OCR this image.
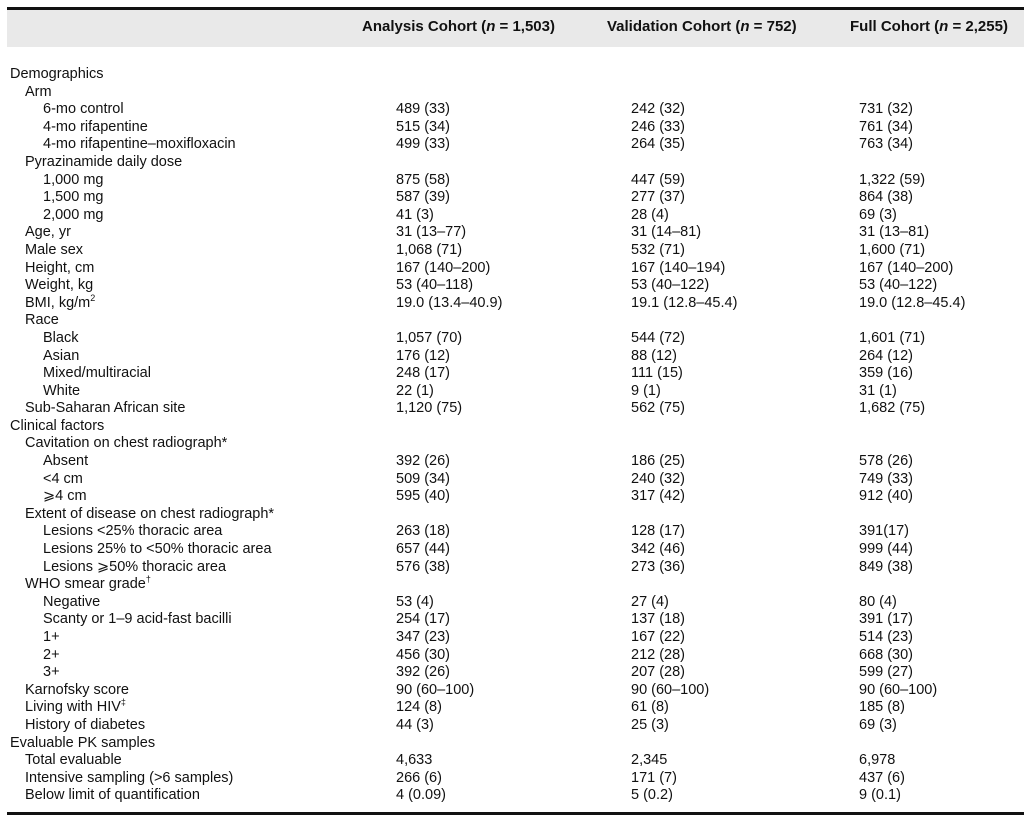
Analysis Cohort (n = 1,503)	Validation Cohort (n = 752)	Full Cohort (n = 2,255)
Demographics
Arm
6-mo control	489 (33)	242 (32)	731 (32)
4-mo rifapentine	515 (34)	246 (33)	761 (34)
4-mo rifapentine–moxifloxacin	499 (33)	264 (35)	763 (34)
Pyrazinamide daily dose
1,000 mg	875 (58)	447 (59)	1,322 (59)
1,500 mg	587 (39)	277 (37)	864 (38)
2,000 mg	41 (3)	28 (4)	69 (3)
Age, yr	31 (13–77)	31 (14–81)	31 (13–81)
Male sex	1,068 (71)	532 (71)	1,600 (71)
Height, cm	167 (140–200)	167 (140–194)	167 (140–200)
Weight, kg	53 (40–118)	53 (40–122)	53 (40–122)
BMI, $kg/m^2$	19.0 (13.4–40.9)	19.1 (12.8–45.4)	19.0 (12.8–45.4)
Race
Black	1,057 (70)	544 (72)	1,601 (71)
Asian	176 (12)	88 (12)	264 (12)
Mixed/multiracial	248 (17)	111 (15)	359 (16)
White	22 (1)	9 (1)	31 (1)
Sub-Saharan African site	1,120 (75)	562 (75)	1,682 (75)
Clinical factors
Cavitation on chest radiograph*
Absent	392 (26)	186 (25)	578 (26)
<4 cm	509 (34)	240 (32)	749 (33)
⩾4 cm	595 (40)	317 (42)	912 (40)
Extent of disease on chest radiograph*
Lesions <25% thoracic area	263 (18)	128 (17)	391(17)
Lesions 25% to <50% thoracic area	657 (44)	342 (46)	999 (44)
Lesions ⩾50% thoracic area	576 (38)	273 (36)	849 (38)
WHO smear grade†
Negative	53 (4)	27 (4)	80 (4)
Scanty or 1–9 acid-fast bacilli	254 (17)	137 (18)	391 (17)
1+	347 (23)	167 (22)	514 (23)
2+	456 (30)	212 (28)	668 (30)
3+	392 (26)	207 (28)	599 (27)
Karnofsky score	90 (60–100)	90 (60–100)	90 (60–100)
Living with HIV‡	124 (8)	61 (8)	185 (8)
History of diabetes	44 (3)	25 (3)	69 (3)
Evaluable PK samples
Total evaluable	4,633	2,345	6,978
Intensive sampling (>6 samples)	266 (6)	171 (7)	437 (6)
Below limit of quantification	4 (0.09)	5 (0.2)	9 (0.1)
